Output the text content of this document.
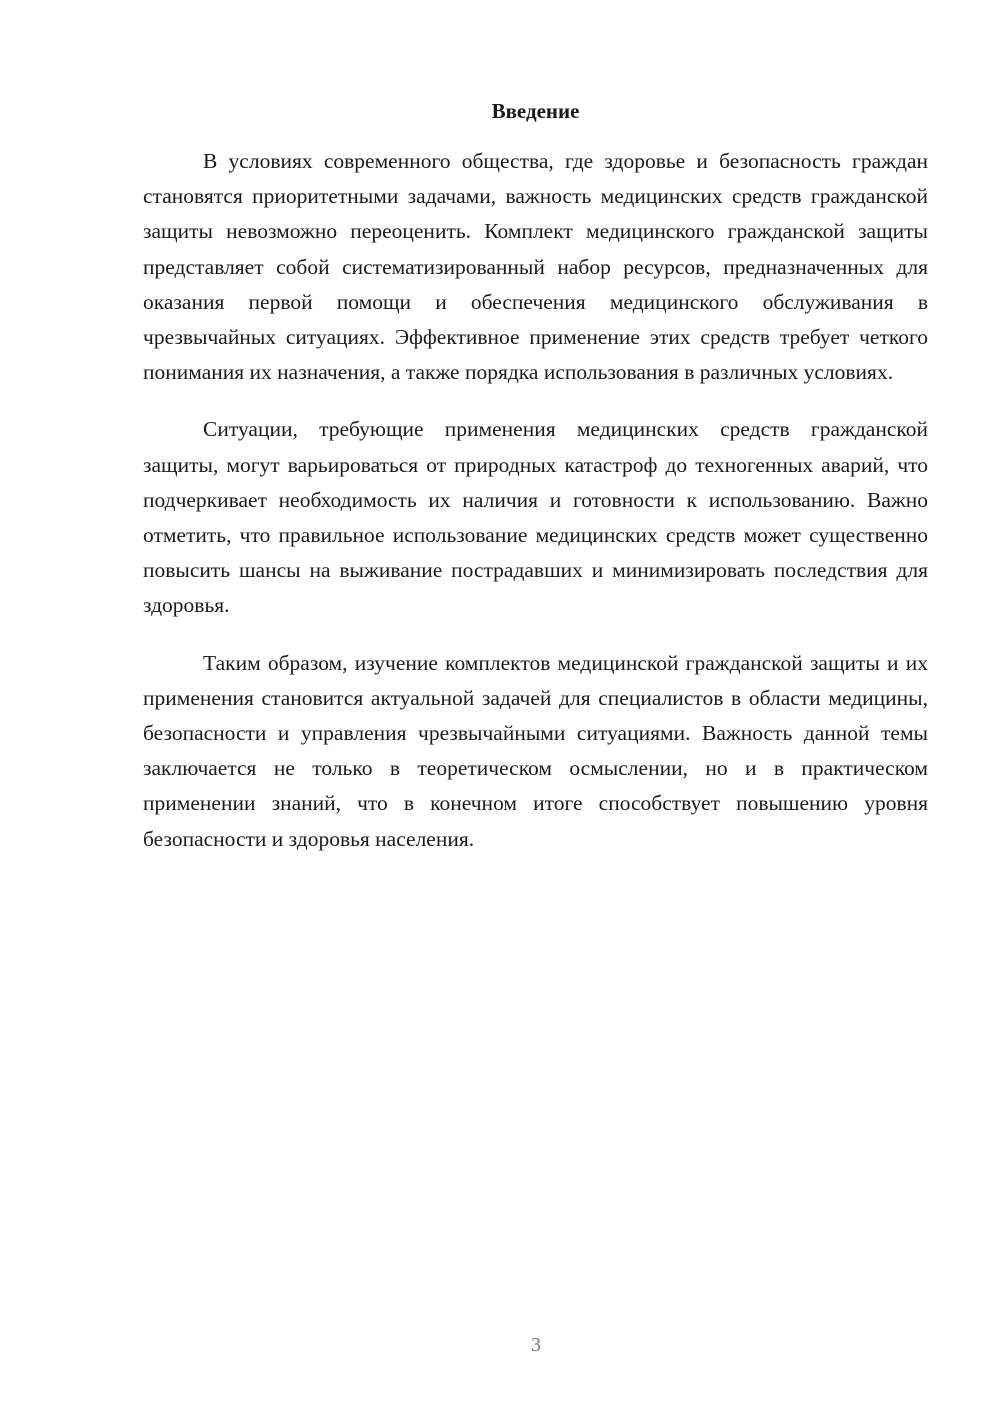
Введение

В условиях современного общества, где здоровье и безопасность граждан становятся приоритетными задачами, важность медицинских средств гражданской защиты невозможно переоценить. Комплект медицинского гражданской защиты представляет собой систематизированный набор ресурсов, предназначенных для оказания первой помощи и обеспечения медицинского обслуживания в чрезвычайных ситуациях. Эффективное применение этих средств требует четкого понимания их назначения, а также порядка использования в различных условиях.

Ситуации, требующие применения медицинских средств гражданской защиты, могут варьироваться от природных катастроф до техногенных аварий, что подчеркивает необходимость их наличия и готовности к использованию. Важно отметить, что правильное использование медицинских средств может существенно повысить шансы на выживание пострадавших и минимизировать последствия для здоровья.

Таким образом, изучение комплектов медицинской гражданской защиты и их применения становится актуальной задачей для специалистов в области медицины, безопасности и управления чрезвычайными ситуациями. Важность данной темы заключается не только в теоретическом осмыслении, но и в практическом применении знаний, что в конечном итоге способствует повышению уровня безопасности и здоровья населения.

3
